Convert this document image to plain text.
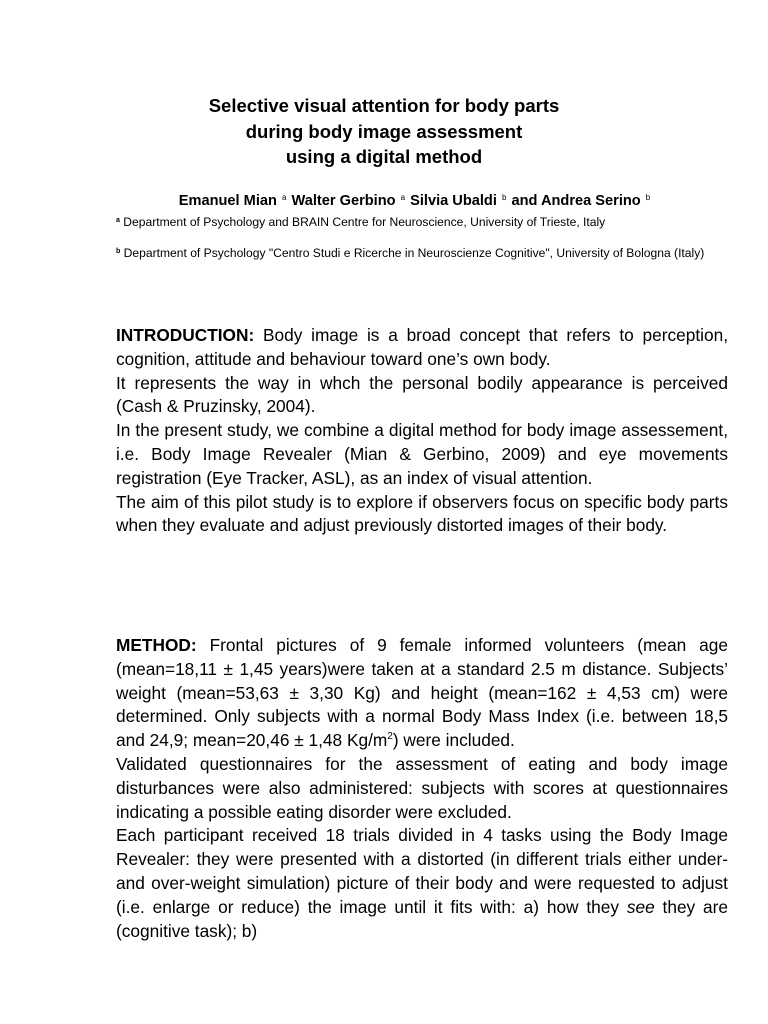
Selective visual attention for body parts
during body image assessment
using a digital method
Emanuel Mian $^a$ Walter Gerbino $^a$ Silvia Ubaldi $^b$ and Andrea Serino $^b$
$^a$ Department of Psychology and BRAIN Centre for Neuroscience, University of Trieste, Italy
$^b$ Department of Psychology "Centro Studi e Ricerche in Neuroscienze Cognitive", University of Bologna (Italy)

INTRODUCTION: Body image is a broad concept that refers to perception, cognition, attitude and behaviour toward one’s own body.

It represents the way in whch the personal bodily appearance is perceived (Cash & Pruzinsky, 2004).

In the present study, we combine a digital method for body image assessement, i.e. Body Image Revealer (Mian & Gerbino, 2009) and eye movements registration (Eye Tracker, ASL), as an index of visual attention.

The aim of this pilot study is to explore if observers focus on specific body parts when they evaluate and adjust previously distorted images of their body.

METHOD: Frontal pictures of 9 female informed volunteers (mean age (mean=18,11 ± 1,45 years)were taken at a standard 2.5 m distance. Subjects’ weight (mean=53,63 ± 3,30 Kg) and height (mean=162 ± 4,53 cm) were determined. Only subjects with a normal Body Mass Index (i.e. between 18,5 and 24,9; mean=20,46 ± 1,48 $Kg/m^2$) were included.

Validated questionnaires for the assessment of eating and body image disturbances were also administered: subjects with scores at questionnaires indicating a possible eating disorder were excluded.

Each participant received 18 trials divided in 4 tasks using the Body Image Revealer: they were presented with a distorted (in different trials either under- and over-weight simulation) picture of their body and were requested to adjust (i.e. enlarge or reduce) the image until it fits with: a) how they see they are (cognitive task); b)
